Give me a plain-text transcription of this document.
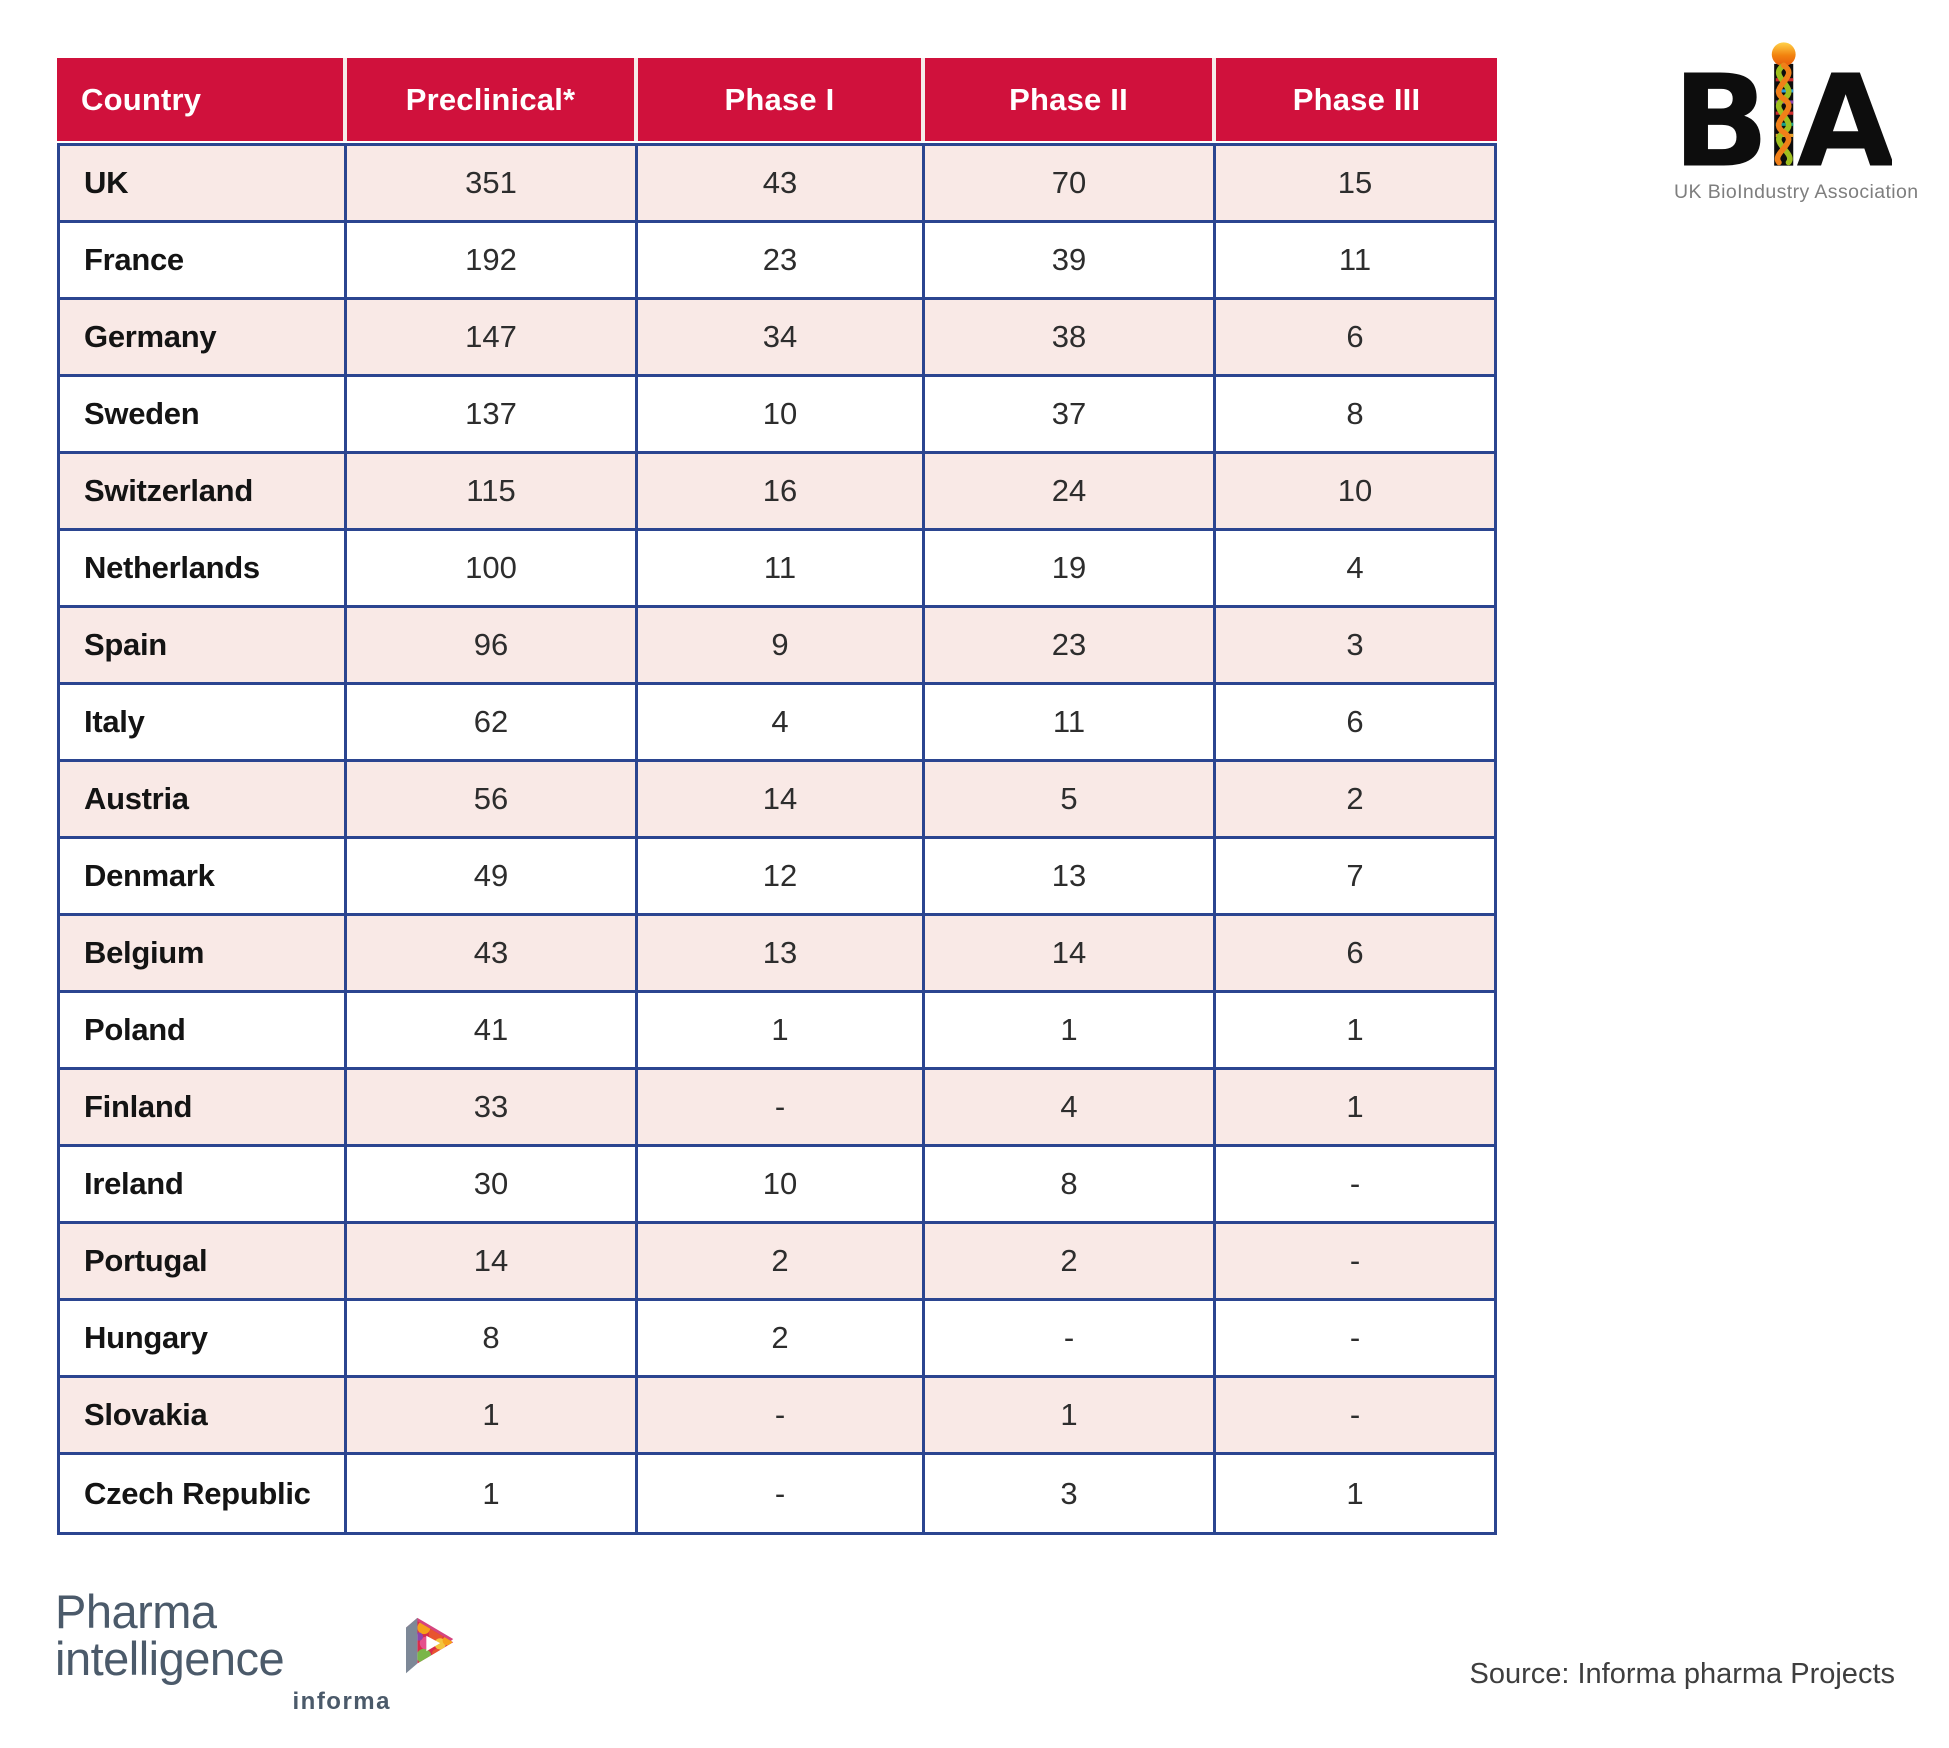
Country	Preclinical*	Phase I	Phase II	Phase III
UK	351	43	70	15
France	192	23	39	11
Germany	147	34	38	6
Sweden	137	10	37	8
Switzerland	115	16	24	10
Netherlands	100	11	19	4
Spain	96	9	23	3
Italy	62	4	11	6
Austria	56	14	5	2
Denmark	49	12	13	7
Belgium	43	13	14	6
Poland	41	1	1	1
Finland	33	-	4	1
Ireland	30	10	8	-
Portugal	14	2	2	-
Hungary	8	2	-	-
Slovakia	1	-	1	-
Czech Republic	1	-	3	1
B A
UK BioIndustry Association
Pharma intelligence
informa
Source: Informa pharma Projects
